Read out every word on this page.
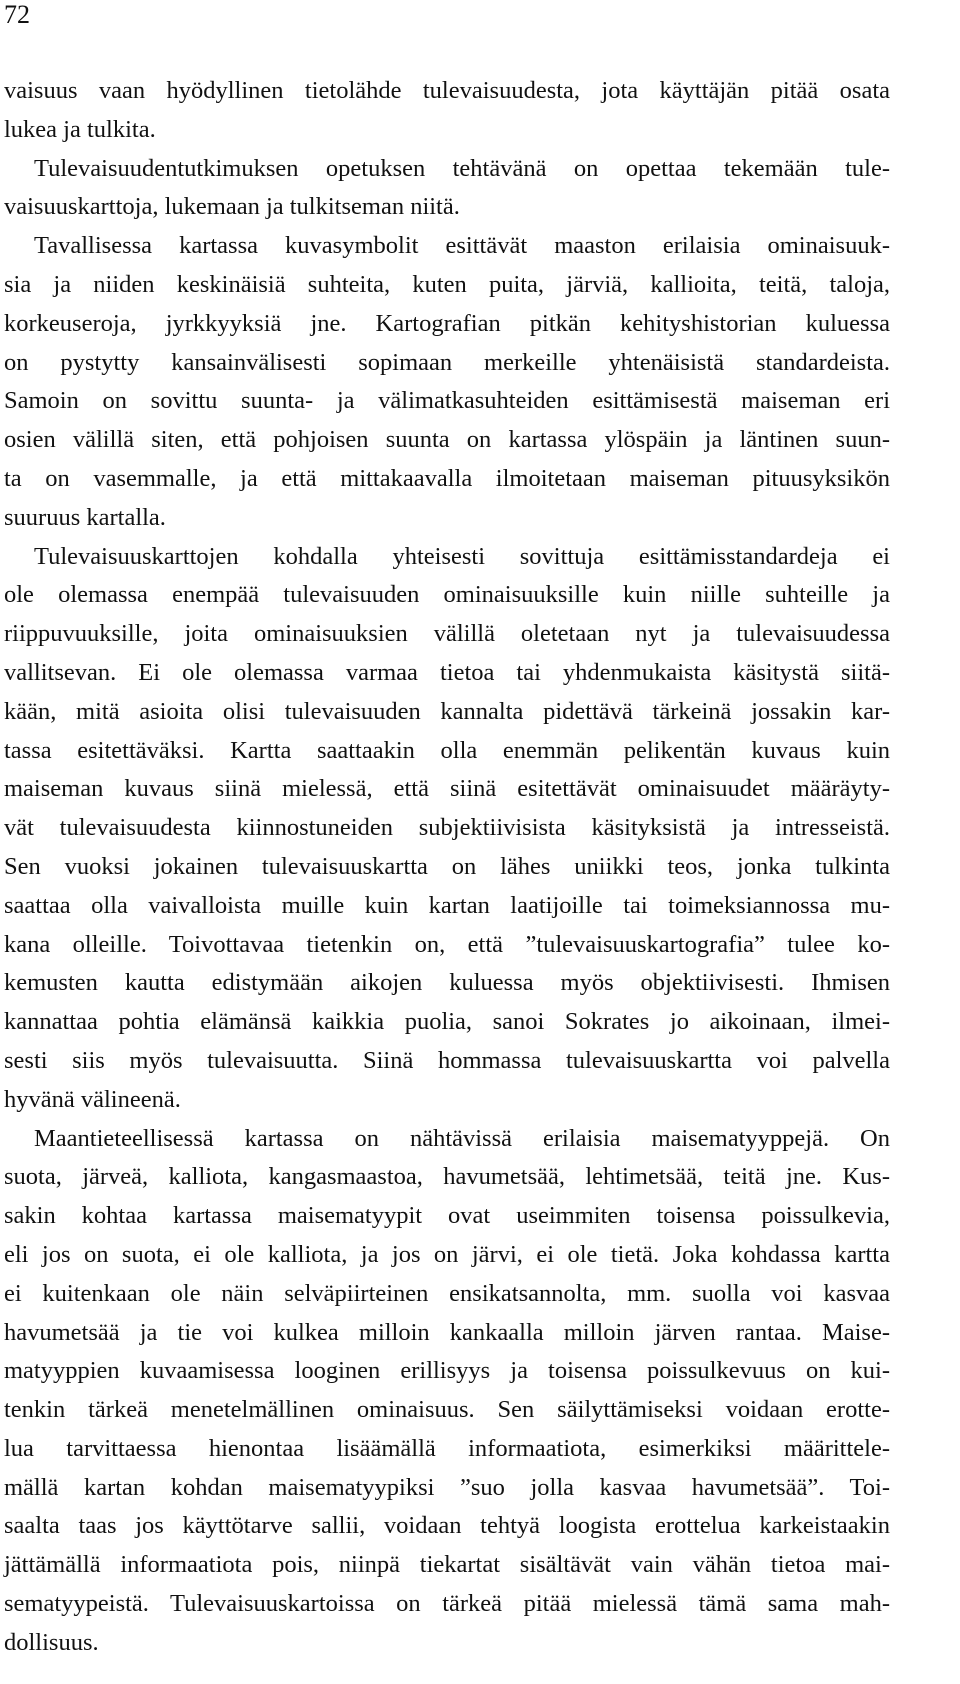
72
vaisuus vaan hyödyllinen tietolähde tulevaisuudesta, jota käyttäjän pitää osata
lukea ja tulkita.
Tulevaisuudentutkimuksen opetuksen tehtävänä on opettaa tekemään tule-
vaisuuskarttoja, lukemaan ja tulkitseman niitä.
Tavallisessa kartassa kuvasymbolit esittävät maaston erilaisia ominaisuuk-
sia ja niiden keskinäisiä suhteita, kuten puita, järviä, kallioita, teitä, taloja,
korkeuseroja, jyrkkyyksiä jne. Kartografian pitkän kehityshistorian kuluessa
on pystytty kansainvälisesti sopimaan merkeille yhtenäisistä standardeista.
Samoin on sovittu suunta- ja välimatkasuhteiden esittämisestä maiseman eri
osien välillä siten, että pohjoisen suunta on kartassa ylöspäin ja läntinen suun-
ta on vasemmalle, ja että mittakaavalla ilmoitetaan maiseman pituusyksikön
suuruus kartalla.
Tulevaisuuskarttojen kohdalla yhteisesti sovittuja esittämisstandardeja ei
ole olemassa enempää tulevaisuuden ominaisuuksille kuin niille suhteille ja
riippuvuuksille, joita ominaisuuksien välillä oletetaan nyt ja tulevaisuudessa
vallitsevan. Ei ole olemassa varmaa tietoa tai yhdenmukaista käsitystä siitä-
kään, mitä asioita olisi tulevaisuuden kannalta pidettävä tärkeinä jossakin kar-
tassa esitettäväksi. Kartta saattaakin olla enemmän pelikentän kuvaus kuin
maiseman kuvaus siinä mielessä, että siinä esitettävät ominaisuudet määräyty-
vät tulevaisuudesta kiinnostuneiden subjektiivisista käsityksistä ja intresseistä.
Sen vuoksi jokainen tulevaisuuskartta on lähes uniikki teos, jonka tulkinta
saattaa olla vaivalloista muille kuin kartan laatijoille tai toimeksiannossa mu-
kana olleille. Toivottavaa tietenkin on, että ”tulevaisuuskartografia” tulee ko-
kemusten kautta edistymään aikojen kuluessa myös objektiivisesti. Ihmisen
kannattaa pohtia elämänsä kaikkia puolia, sanoi Sokrates jo aikoinaan, ilmei-
sesti siis myös tulevaisuutta. Siinä hommassa tulevaisuuskartta voi palvella
hyvänä välineenä.
Maantieteellisessä kartassa on nähtävissä erilaisia maisematyyppejä. On
suota, järveä, kalliota, kangasmaastoa, havumetsää, lehtimetsää, teitä jne. Kus-
sakin kohtaa kartassa maisematyypit ovat useimmiten toisensa poissulkevia,
eli jos on suota, ei ole kalliota, ja jos on järvi, ei ole tietä. Joka kohdassa kartta
ei kuitenkaan ole näin selväpiirteinen ensikatsannolta, mm. suolla voi kasvaa
havumetsää ja tie voi kulkea milloin kankaalla milloin järven rantaa. Maise-
matyyppien kuvaamisessa looginen erillisyys ja toisensa poissulkevuus on kui-
tenkin tärkeä menetelmällinen ominaisuus. Sen säilyttämiseksi voidaan erotte-
lua tarvittaessa hienontaa lisäämällä informaatiota, esimerkiksi määrittele-
mällä kartan kohdan maisematyypiksi ”suo jolla kasvaa havumetsää”. Toi-
saalta taas jos käyttötarve sallii, voidaan tehtyä loogista erottelua karkeistaakin
jättämällä informaatiota pois, niinpä tiekartat sisältävät vain vähän tietoa mai-
sematyypeistä. Tulevaisuuskartoissa on tärkeä pitää mielessä tämä sama mah-
dollisuus.
